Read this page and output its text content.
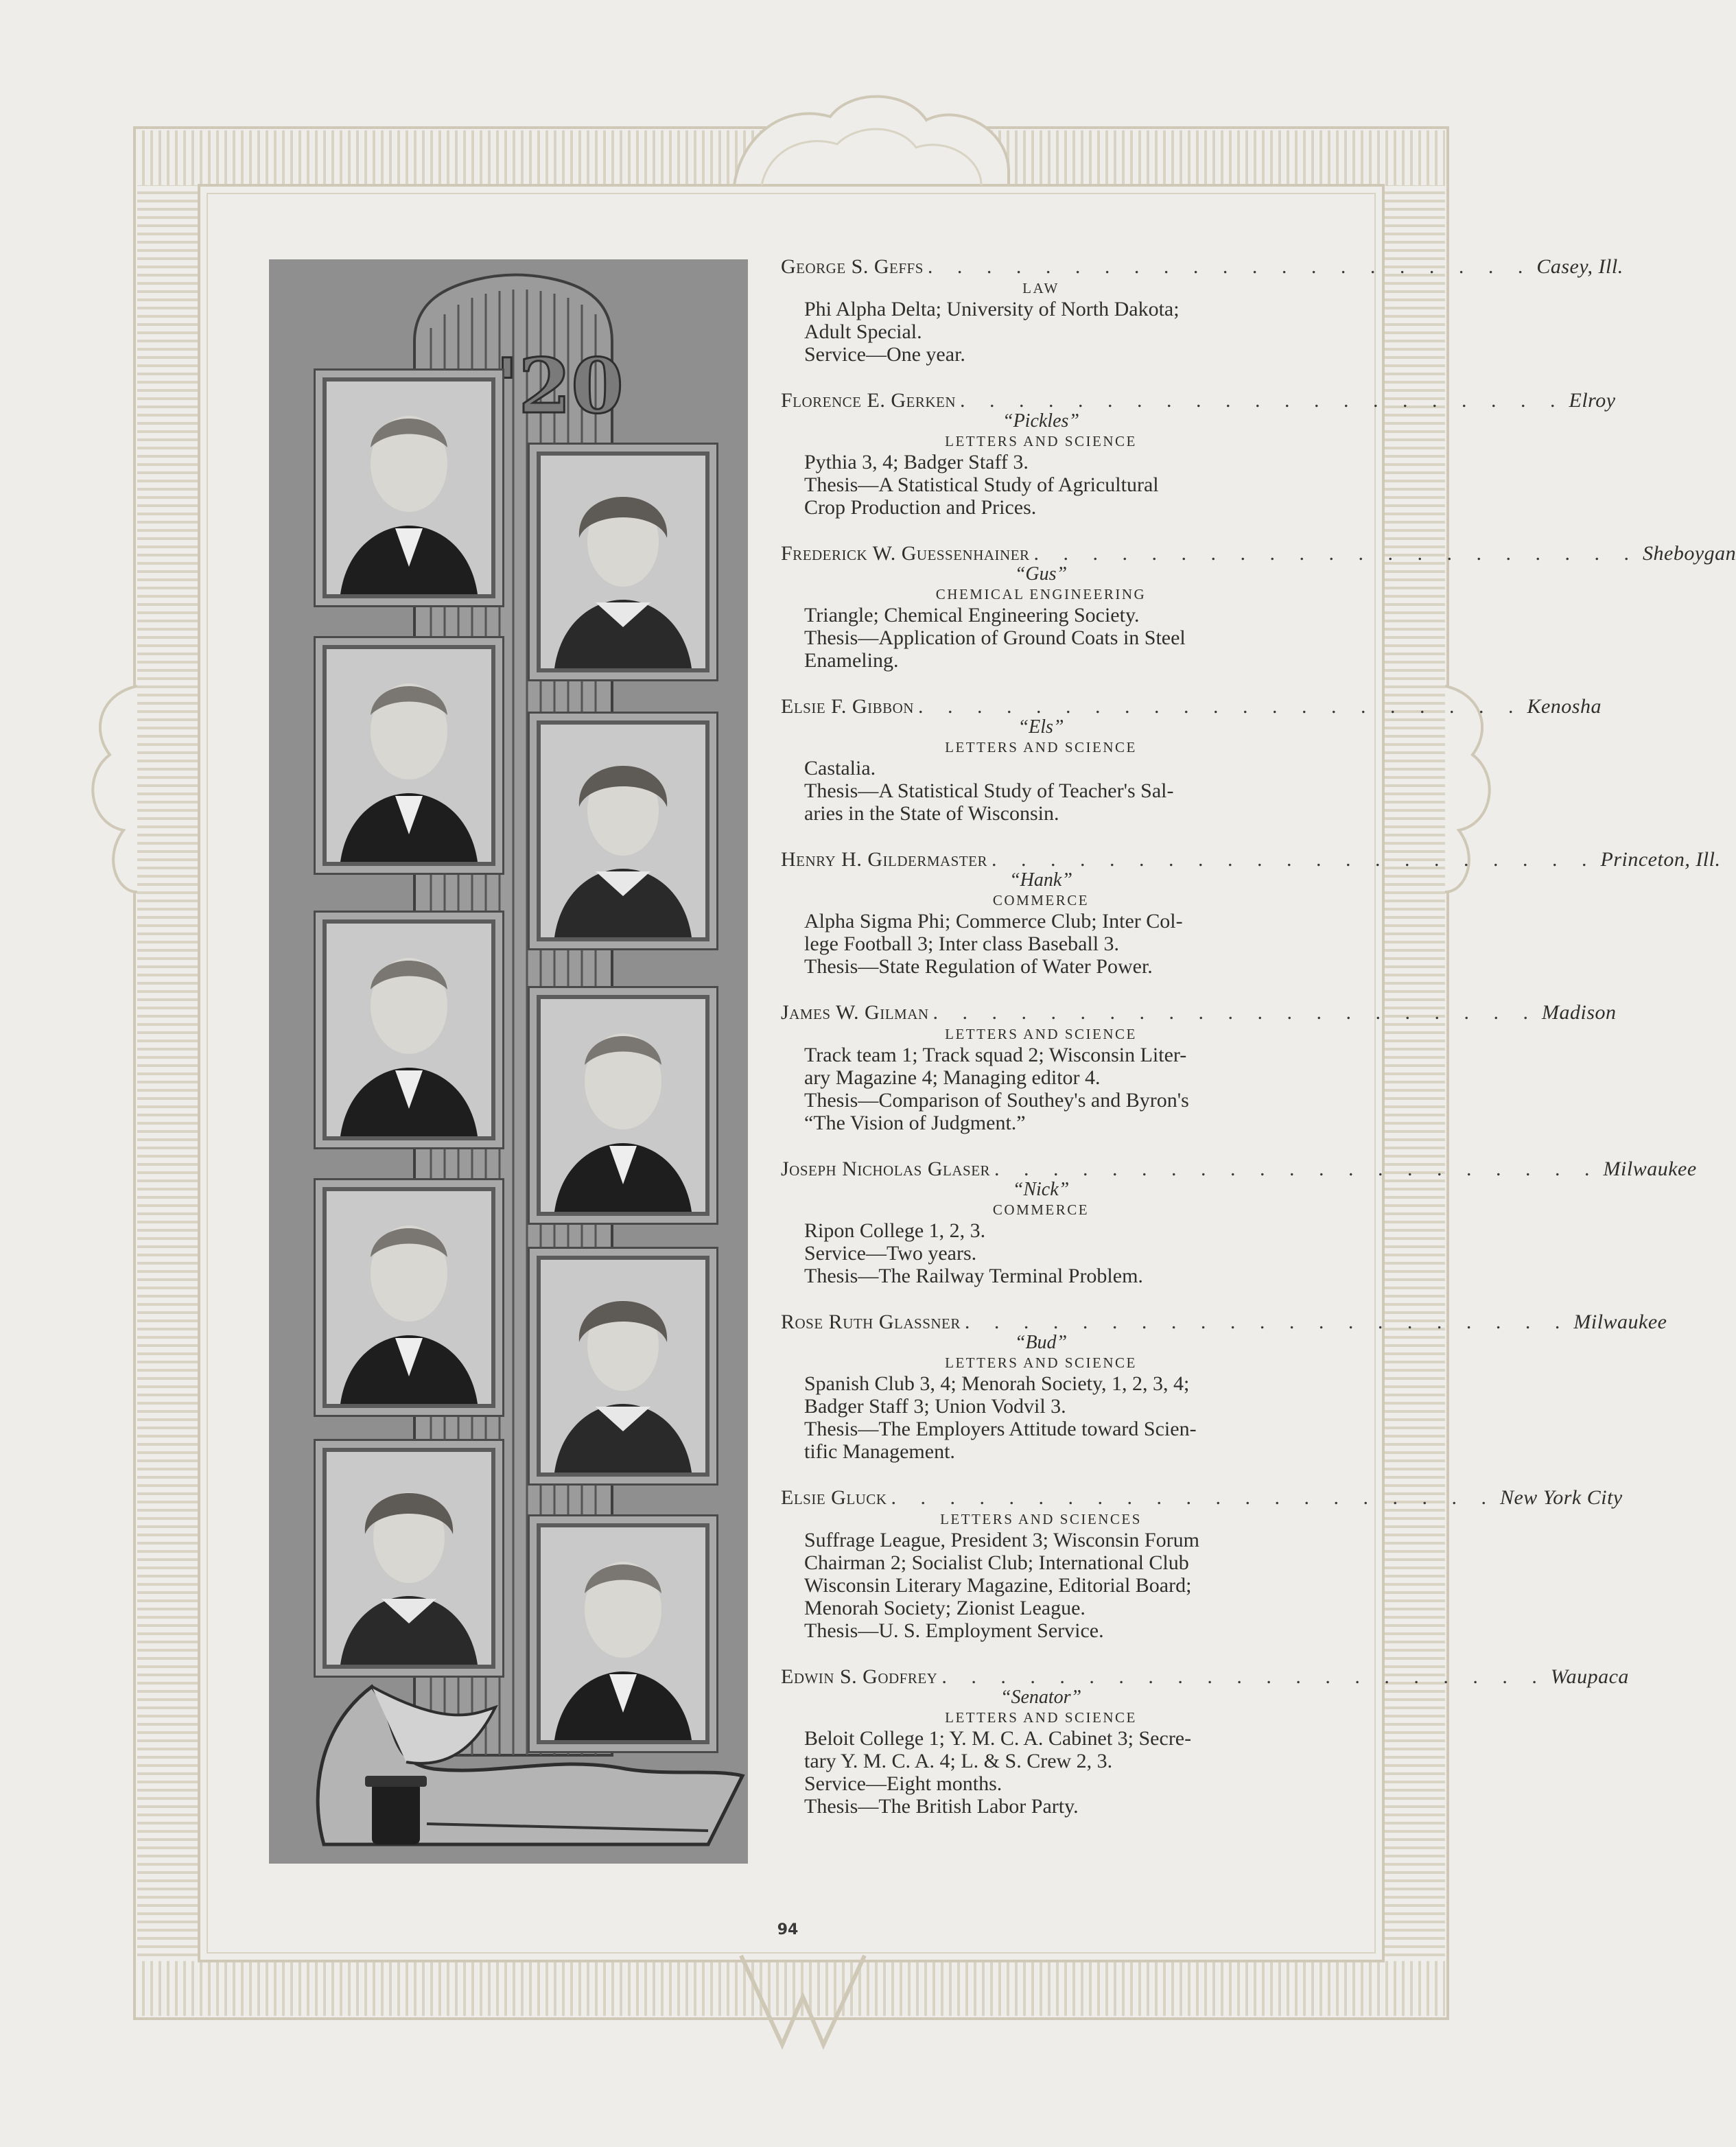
'20
George S. Geffs . . . . . . . . . . . . . . . . . . . . . Casey, Ill.
LAW
Phi Alpha Delta; University of North Dakota;
Adult Special.
Service—One year.
Florence E. Gerken . . . . . . . . . . . . . . . . . . . . . Elroy
“Pickles”
LETTERS AND SCIENCE
Pythia 3, 4; Badger Staff 3.
Thesis—A Statistical Study of Agricultural
Crop Production and Prices.
Frederick W. Guessenhainer . . . . . . . . . . . . . . . . . . . . . Sheboygan
“Gus”
CHEMICAL ENGINEERING
Triangle; Chemical Engineering Society.
Thesis—Application of Ground Coats in Steel
Enameling.
Elsie F. Gibbon . . . . . . . . . . . . . . . . . . . . . Kenosha
“Els”
LETTERS AND SCIENCE
Castalia.
Thesis—A Statistical Study of Teacher's Sal-
aries in the State of Wisconsin.
Henry H. Gildermaster . . . . . . . . . . . . . . . . . . . . . Princeton, Ill.
“Hank”
COMMERCE
Alpha Sigma Phi; Commerce Club; Inter Col-
lege Football 3; Inter class Baseball 3.
Thesis—State Regulation of Water Power.
James W. Gilman . . . . . . . . . . . . . . . . . . . . . Madison
LETTERS AND SCIENCE
Track team 1; Track squad 2; Wisconsin Liter-
ary Magazine 4; Managing editor 4.
Thesis—Comparison of Southey's and Byron's
“The Vision of Judgment.”
Joseph Nicholas Glaser . . . . . . . . . . . . . . . . . . . . . Milwaukee
“Nick”
COMMERCE
Ripon College 1, 2, 3.
Service—Two years.
Thesis—The Railway Terminal Problem.
Rose Ruth Glassner . . . . . . . . . . . . . . . . . . . . . Milwaukee
“Bud”
LETTERS AND SCIENCE
Spanish Club 3, 4; Menorah Society, 1, 2, 3, 4;
Badger Staff 3; Union Vodvil 3.
Thesis—The Employers Attitude toward Scien-
tific Management.
Elsie Gluck . . . . . . . . . . . . . . . . . . . . . New York City
LETTERS AND SCIENCES
Suffrage League, President 3; Wisconsin Forum
Chairman 2; Socialist Club; International Club
Wisconsin Literary Magazine, Editorial Board;
Menorah Society; Zionist League.
Thesis—U. S. Employment Service.
Edwin S. Godfrey . . . . . . . . . . . . . . . . . . . . . Waupaca
“Senator”
LETTERS AND SCIENCE
Beloit College 1; Y. M. C. A. Cabinet 3; Secre-
tary Y. M. C. A. 4; L. & S. Crew 2, 3.
Service—Eight months.
Thesis—The British Labor Party.
94
